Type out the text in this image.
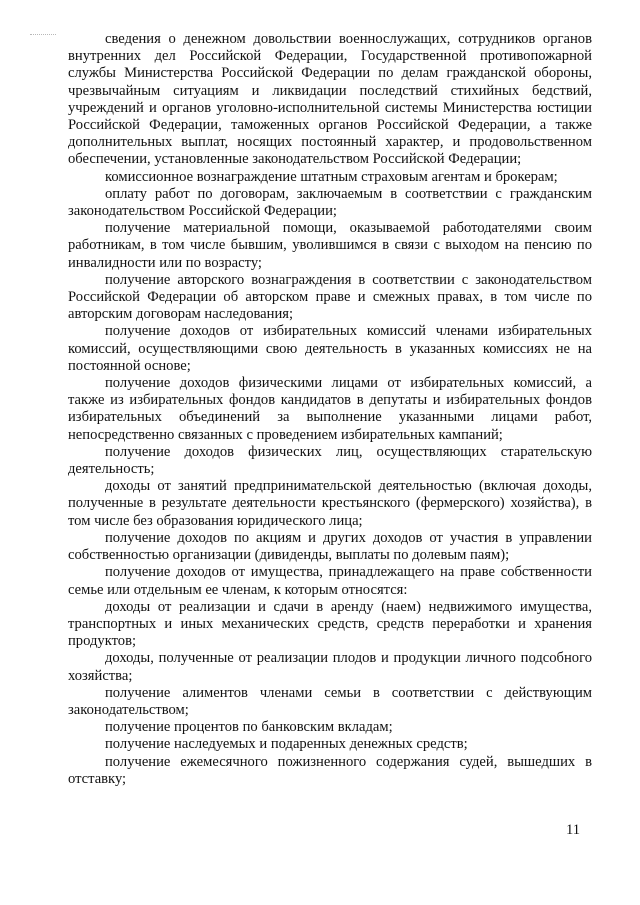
сведения о денежном довольствии военнослужащих, сотрудников органов внутренних дел Российской Федерации, Государственной противопожарной службы Министерства Российской Федерации по делам гражданской обороны, чрезвычайным ситуациям и ликвидации последствий стихийных бедствий, учреждений и органов уголовно-исполнительной системы Министерства юстиции Российской Федерации, таможенных органов Российской Федерации, а также дополнительных выплат, носящих постоянный характер, и продовольственном обеспечении, установленные законодательством Российской Федерации;

комиссионное вознаграждение штатным страховым агентам и брокерам;

оплату работ по договорам, заключаемым в соответствии с гражданским законодательством Российской Федерации;

получение материальной помощи, оказываемой работодателями своим работникам, в том числе бывшим, уволившимся в связи с выходом на пенсию по инвалидности или по возрасту;

получение авторского вознаграждения в соответствии с законодательством Российской Федерации об авторском праве и смежных правах, в том числе по авторским договорам наследования;

получение доходов от избирательных комиссий членами избирательных комиссий, осуществляющими свою деятельность в указанных комиссиях не на постоянной основе;

получение доходов физическими лицами от избирательных комиссий, а также из избирательных фондов кандидатов в депутаты и избирательных фондов избирательных объединений за выполнение указанными лицами работ, непосредственно связанных с проведением избирательных кампаний;

получение доходов физических лиц, осуществляющих старательскую деятельность;

доходы от занятий предпринимательской деятельностью (включая доходы, полученные в результате деятельности крестьянского (фермерского) хозяйства), в том числе без образования юридического лица;

получение доходов по акциям и других доходов от участия в управлении собственностью организации (дивиденды, выплаты по долевым паям);

получение доходов от имущества, принадлежащего на праве собственности семье или отдельным ее членам, к которым относятся:

доходы от реализации и сдачи в аренду (наем) недвижимого имущества, транспортных и иных механических средств, средств переработки и хранения продуктов;

доходы, полученные от реализации плодов и продукции личного подсобного хозяйства;

получение алиментов членами семьи в соответствии с действующим законодательством;

получение процентов по банковским вкладам;

получение наследуемых и подаренных денежных средств;

получение ежемесячного пожизненного содержания судей, вышедших в отставку;

11
